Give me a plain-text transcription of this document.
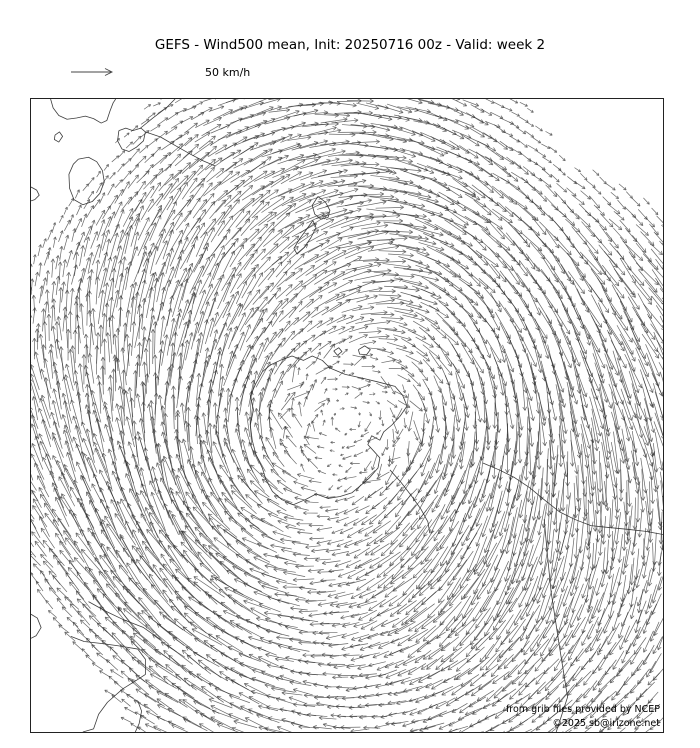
GEFS - Wind500 mean, Init: 20250716 00z - Valid: week 2
50 km/h
from grib files provided by NCEP
©2025 sb@irizone.net
